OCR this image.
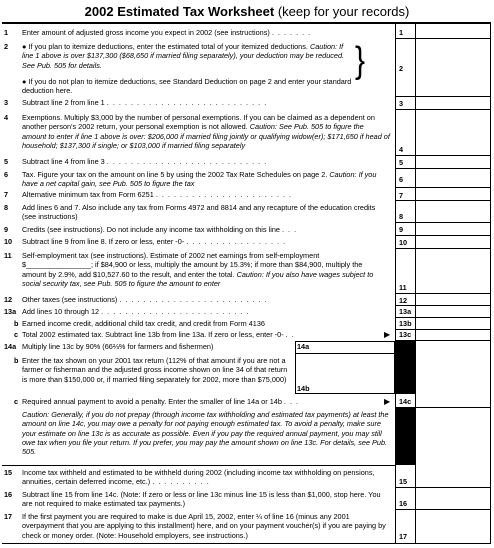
2002 Estimated Tax Worksheet (keep for your records)
1 Enter amount of adjusted gross income you expect in 2002 (see instructions) . . . . . . .	1
2 ● If you plan to itemize deductions, enter the estimated total of your itemized deductions. Caution: If line 1 above is over $137,300 ($68,650 if married filing separately), your deduction may be reduced. See Pub. 505 for details.
● If you do not plan to itemize deductions, see Standard Deduction on page 2 and enter your standard deduction here.
}	2
3 Subtract line 2 from line 1 . . . . . . . . . . . . . . . . . . . . . . . . . . .	3
4 Exemptions. Multiply $3,000 by the number of personal exemptions. If you can be claimed as a dependent on another person's 2002 return, your personal exemption is not allowed. Caution: See Pub. 505 to figure the amount to enter if line 1 above is over: $206,000 if married filing jointly or qualifying widow(er); $171,650 if head of household; $137,300 if single; or $103,000 if married filing separately	4
5 Subtract line 4 from line 3 . . . . . . . . . . . . . . . . . . . . . . . . . . .	5
6 Tax. Figure your tax on the amount on line 5 by using the 2002 Tax Rate Schedules on page 2. Caution: If you have a net capital gain, see Pub. 505 to figure the tax	6
7 Alternative minimum tax from Form 6251 . . . . . . . . . . . . . . . . . . . . . . .	7
8 Add lines 6 and 7. Also include any tax from Forms 4972 and 8814 and any recapture of the education credits (see instructions)	8
9 Credits (see instructions). Do not include any income tax withholding on this line . . .	9
10 Subtract line 9 from line 8. If zero or less, enter -0- . . . . . . . . . . . . . . . . .	10
11 Self-employment tax (see instructions). Estimate of 2002 net earnings from self-employment $________________; if $84,900 or less, multiply the amount by 15.3%; if more than $84,900, multiply the amount by 2.9%, add $10,527.60 to the result, and enter the total. Caution: If you also have wages subject to social security tax, see Pub. 505 to figure the amount to enter	11
12 Other taxes (see instructions) . . . . . . . . . . . . . . . . . . . . . . . . .	12
13a Add lines 10 through 12 . . . . . . . . . . . . . . . . . . . . . . . . .	13a
b Earned income credit, additional child tax credit, and credit from Form 4136	13b
c Total 2002 estimated tax. Subtract line 13b from line 13a. If zero or less, enter -0- . .	▶ 13c
14a Multiply line 13c by 90% (66⅔% for farmers and fishermen)	14a
b Enter the tax shown on your 2001 tax return (112% of that amount if you are not a farmer or fisherman and the adjusted gross income shown on line 34 of that return is more than $150,000 or, if married filing separately for 2002, more than $75,000)
14b
c Required annual payment to avoid a penalty. Enter the smaller of line 14a or 14b . . .	▶ 14c
Caution: Generally, if you do not prepay (through income tax withholding and estimated tax payments) at least the amount on line 14c, you may owe a penalty for not paying enough estimated tax. To avoid a penalty, make sure your estimate on line 13c is as accurate as possible. Even if you pay the required annual payment, you may still owe tax when you file your return. If you prefer, you may pay the amount shown on line 13c. For details, see Pub. 505.
15 Income tax withheld and estimated to be withheld during 2002 (including income tax withholding on pensions, annuities, certain deferred income, etc.) . . . . . . . . . .	15
16 Subtract line 15 from line 14c. (Note: If zero or less or line 13c minus line 15 is less than $1,000, stop here. You are not required to make estimated tax payments.)	16
17 If the first payment you are required to make is due April 15, 2002, enter ¼ of line 16 (minus any 2001 overpayment that you are applying to this installment) here, and on your payment voucher(s) if you are paying by check or money order. (Note: Household employers, see instructions.)	17
